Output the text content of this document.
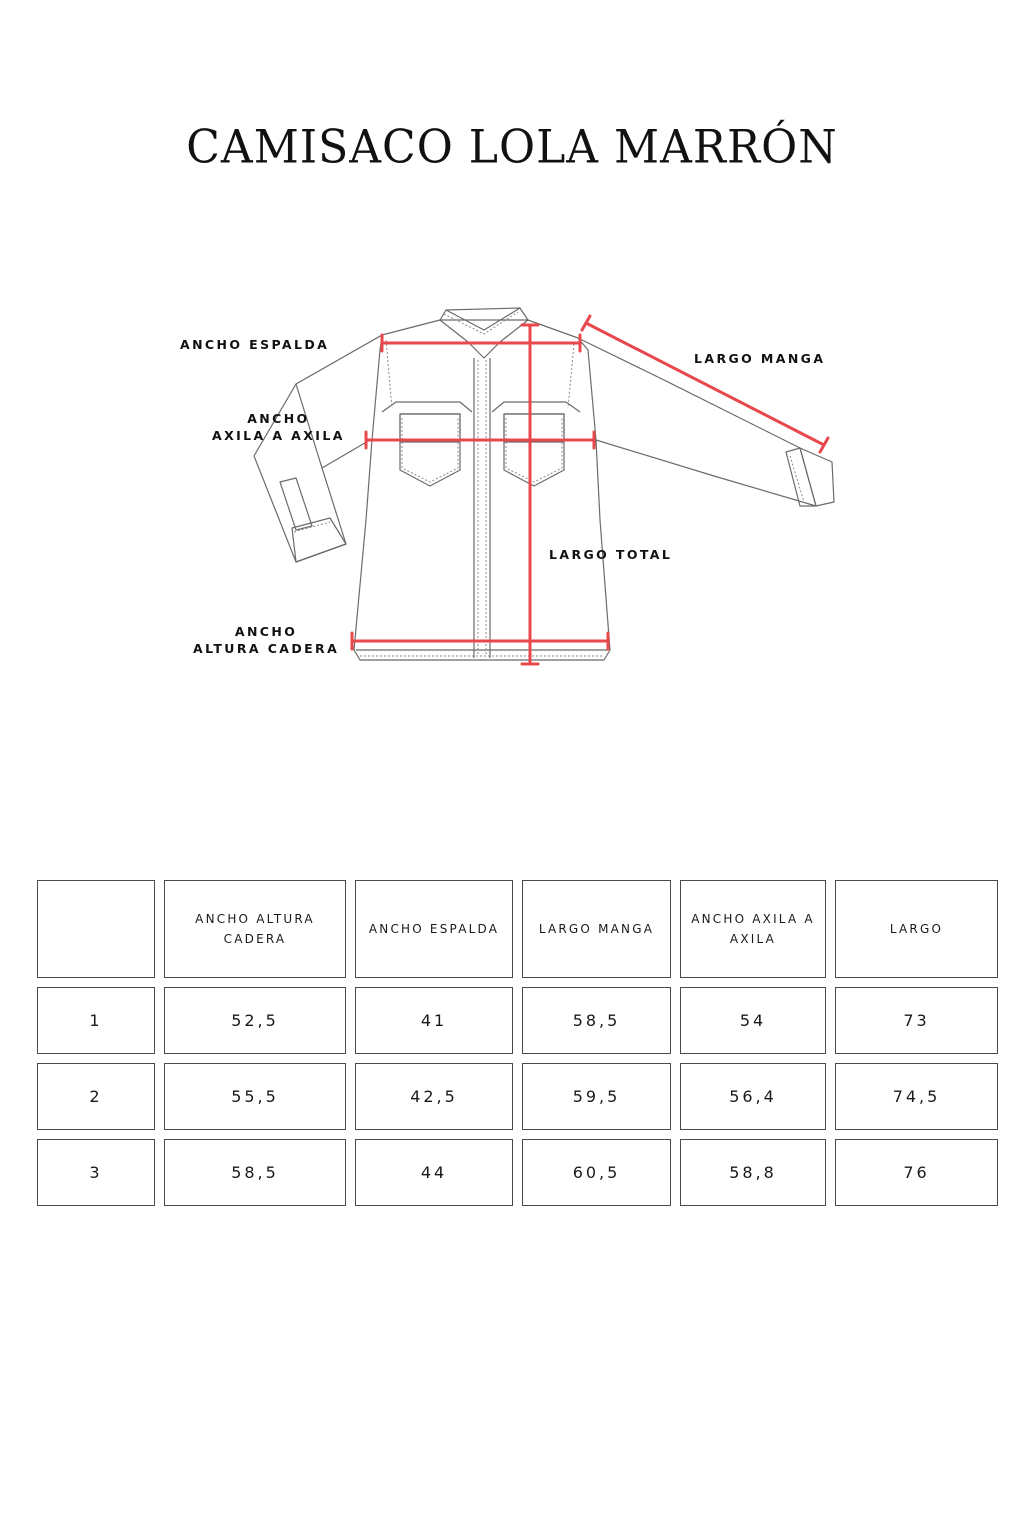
CAMISACO LOLA MARRÓN
ANCHO ESPALDA
LARGO MANGA
ANCHO
AXILA A AXILA
LARGO TOTAL
ANCHO
ALTURA CADERA

	ANCHO ALTURA CADERA	ANCHO ESPALDA	LARGO MANGA	ANCHO AXILA A AXILA	LARGO

1	52,5	41	58,5	54	73
2	55,5	42,5	59,5	56,4	74,5
3	58,5	44	60,5	58,8	76
